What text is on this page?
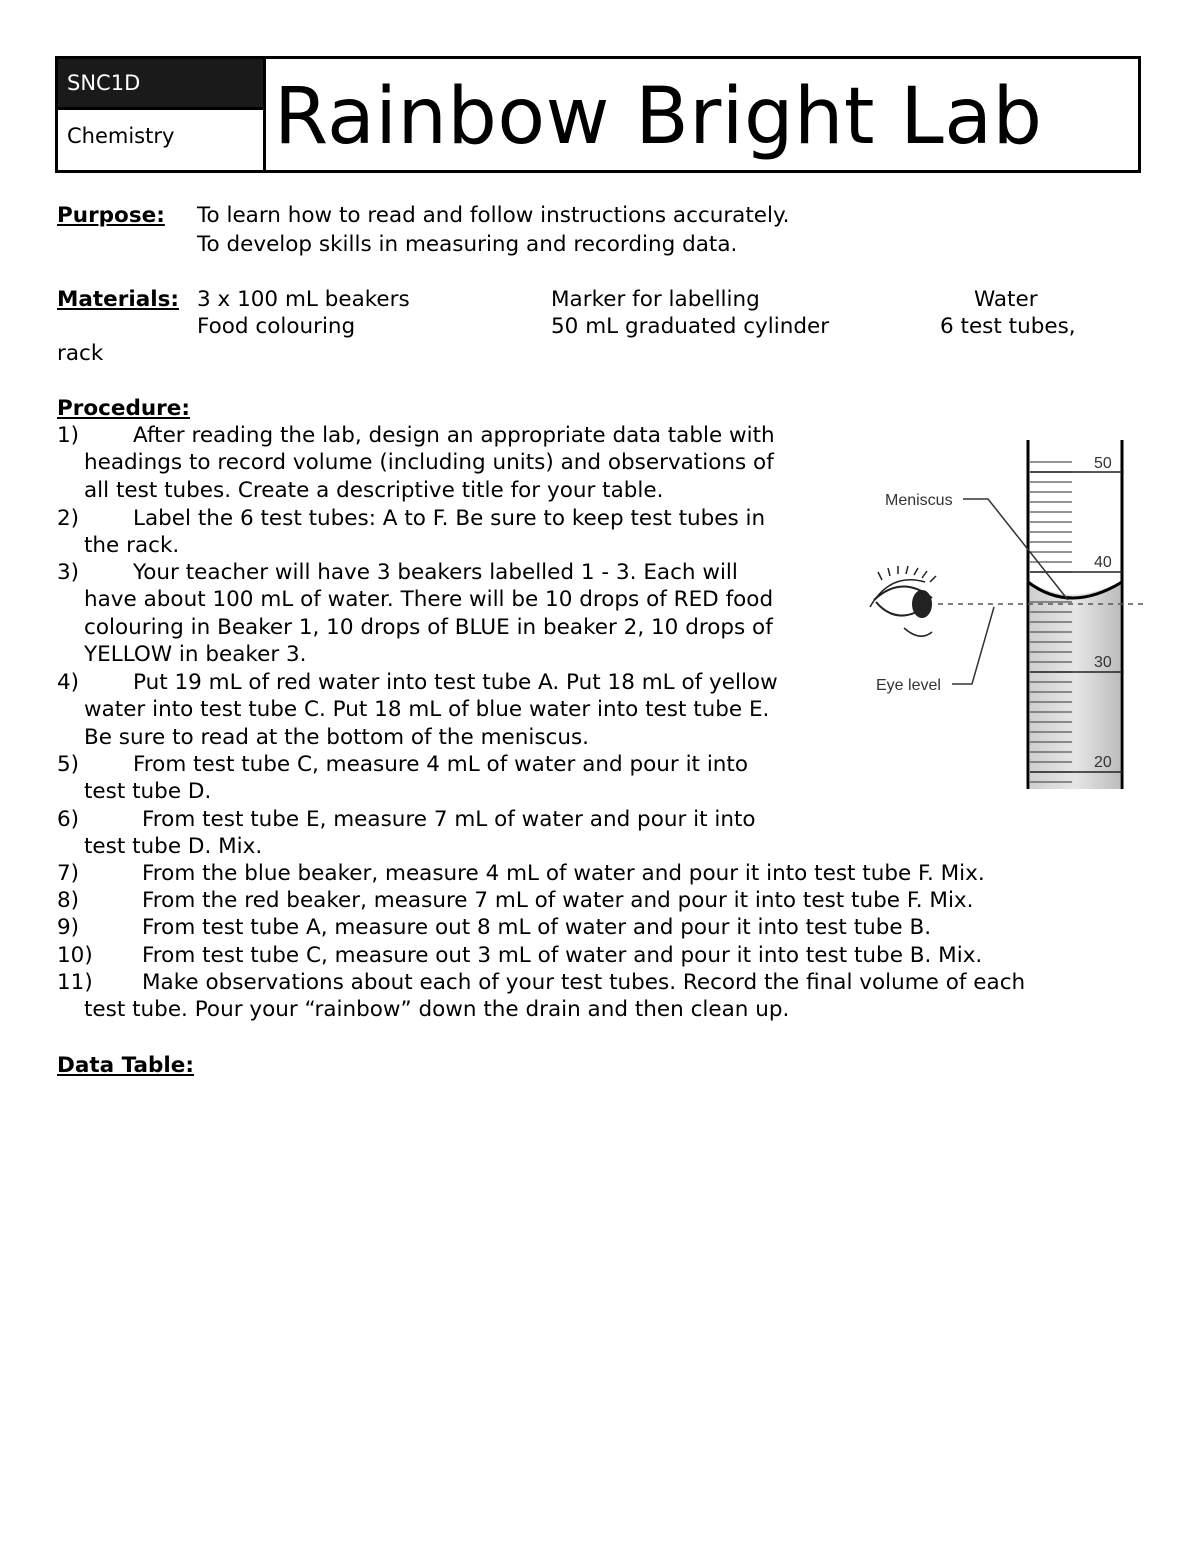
SNC1D
Chemistry	Rainbow Bright Lab
Purpose: To learn how to read and follow instructions accurately.
To develop skills in measuring and recording data.
Materials: 3 x 100 mL beakers	Marker for labelling	Water
Food colouring	50 mL graduated cylinder	6 test tubes,
rack
Procedure:
1)	After reading the lab, design an appropriate data table with
headings to record volume (including units) and observations of
all test tubes. Create a descriptive title for your table.
2)	Label the 6 test tubes: A to F. Be sure to keep test tubes in
the rack.
3)	Your teacher will have 3 beakers labelled 1 - 3. Each will
have about 100 mL of water. There will be 10 drops of RED food
colouring in Beaker 1, 10 drops of BLUE in beaker 2, 10 drops of
YELLOW in beaker 3.
4)	Put 19 mL of red water into test tube A. Put 18 mL of yellow
water into test tube C. Put 18 mL of blue water into test tube E.
Be sure to read at the bottom of the meniscus.
5)	From test tube C, measure 4 mL of water and pour it into
test tube D.
6)	From test tube E, measure 7 mL of water and pour it into
test tube D. Mix.
7)	From the blue beaker, measure 4 mL of water and pour it into test tube F. Mix.
8)	From the red beaker, measure 7 mL of water and pour it into test tube F. Mix.
9)	From test tube A, measure out 8 mL of water and pour it into test tube B.
10) From test tube C, measure out 3 mL of water and pour it into test tube B. Mix.
11) Make observations about each of your test tubes. Record the final volume of each
test tube. Pour your “rainbow” down the drain and then clean up.
Data Table:
50
40
30
20
Meniscus
Eye level
